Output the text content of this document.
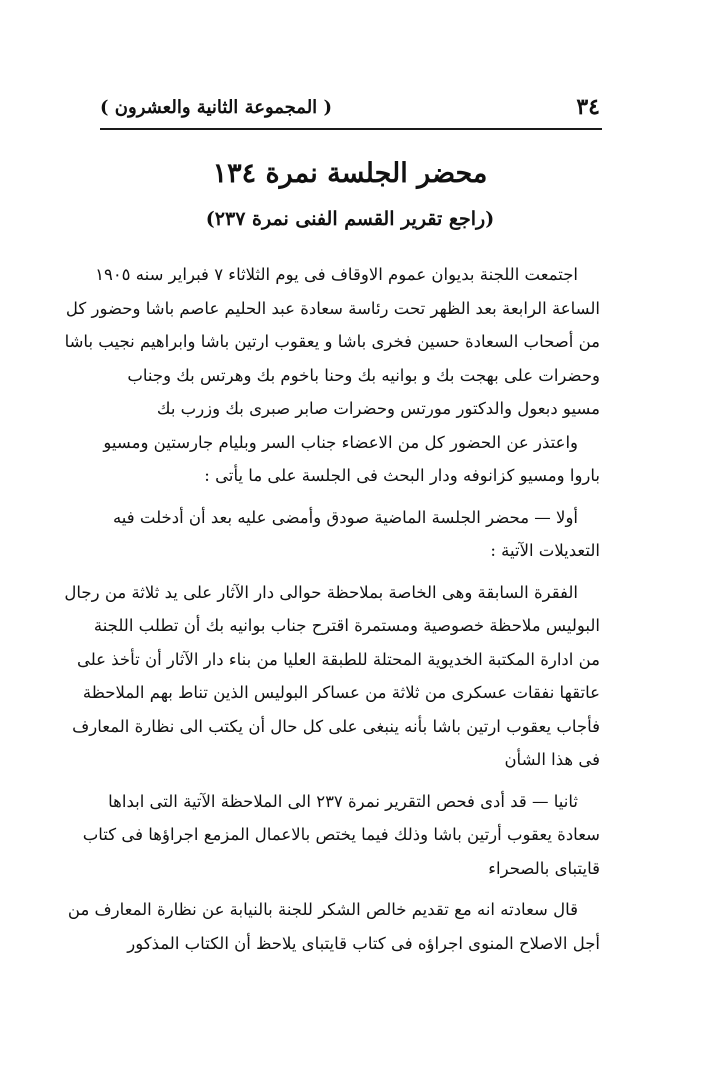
٣٤
( المجموعة الثانية والعشرون )
محضر الجلسة نمرة ١٣٤
(راجع تقرير القسم الفنى نمرة ٢٣٧)

اجتمعت اللجنة بديوان عموم الاوقاف فى يوم الثلاثاء ٧ فبراير سنه ١٩٠٥
الساعة الرابعة بعد الظهر تحت رئاسة سعادة عبد الحليم عاصم باشا وحضور كل
من أصحاب السعادة حسين فخرى باشا و يعقوب ارتين باشا وابراهيم نجيب باشا
وحضرات على بهجت بك و بوانيه بك وحنا باخوم بك وهرتس بك وجناب
مسيو دبعول والدكتور مورتس وحضرات صابر صبرى بك وزرب بك

واعتذر عن الحضور كل من الاعضاء جناب السر وبليام جارستين ومسيو
باروا ومسيو كزانوفه ودار البحث فى الجلسة على ما يأتى :

أولا — محضر الجلسة الماضية صودق وأمضى عليه بعد أن أدخلت فيه
التعديلات الآتية :

الفقرة السابقة وهى الخاصة بملاحظة حوالى دار الآثار على يد ثلاثة من رجال
البوليس ملاحظة خصوصية ومستمرة اقترح جناب بوانيه بك أن تطلب اللجنة
من ادارة المكتبة الخديوية المحتلة للطبقة العليا من بناء دار الآثار أن تأخذ على
عاتقها نفقات عسكرى من ثلاثة من عساكر البوليس الذين تناط بهم الملاحظة
فأجاب يعقوب ارتين باشا بأنه ينبغى على كل حال أن يكتب الى نظارة المعارف
فى هذا الشأن

ثانيا — قد أدى فحص التقرير نمرة ٢٣٧ الى الملاحظة الآتية التى ابداها
سعادة يعقوب أرتين باشا وذلك فيما يختص بالاعمال المزمع اجراؤها فى كتاب
قايتباى بالصحراء

قال سعادته انه مع تقديم خالص الشكر للجنة بالنيابة عن نظارة المعارف من
أجل الاصلاح المنوى اجراؤه فى كتاب قايتباى يلاحظ أن الكتاب المذكور
